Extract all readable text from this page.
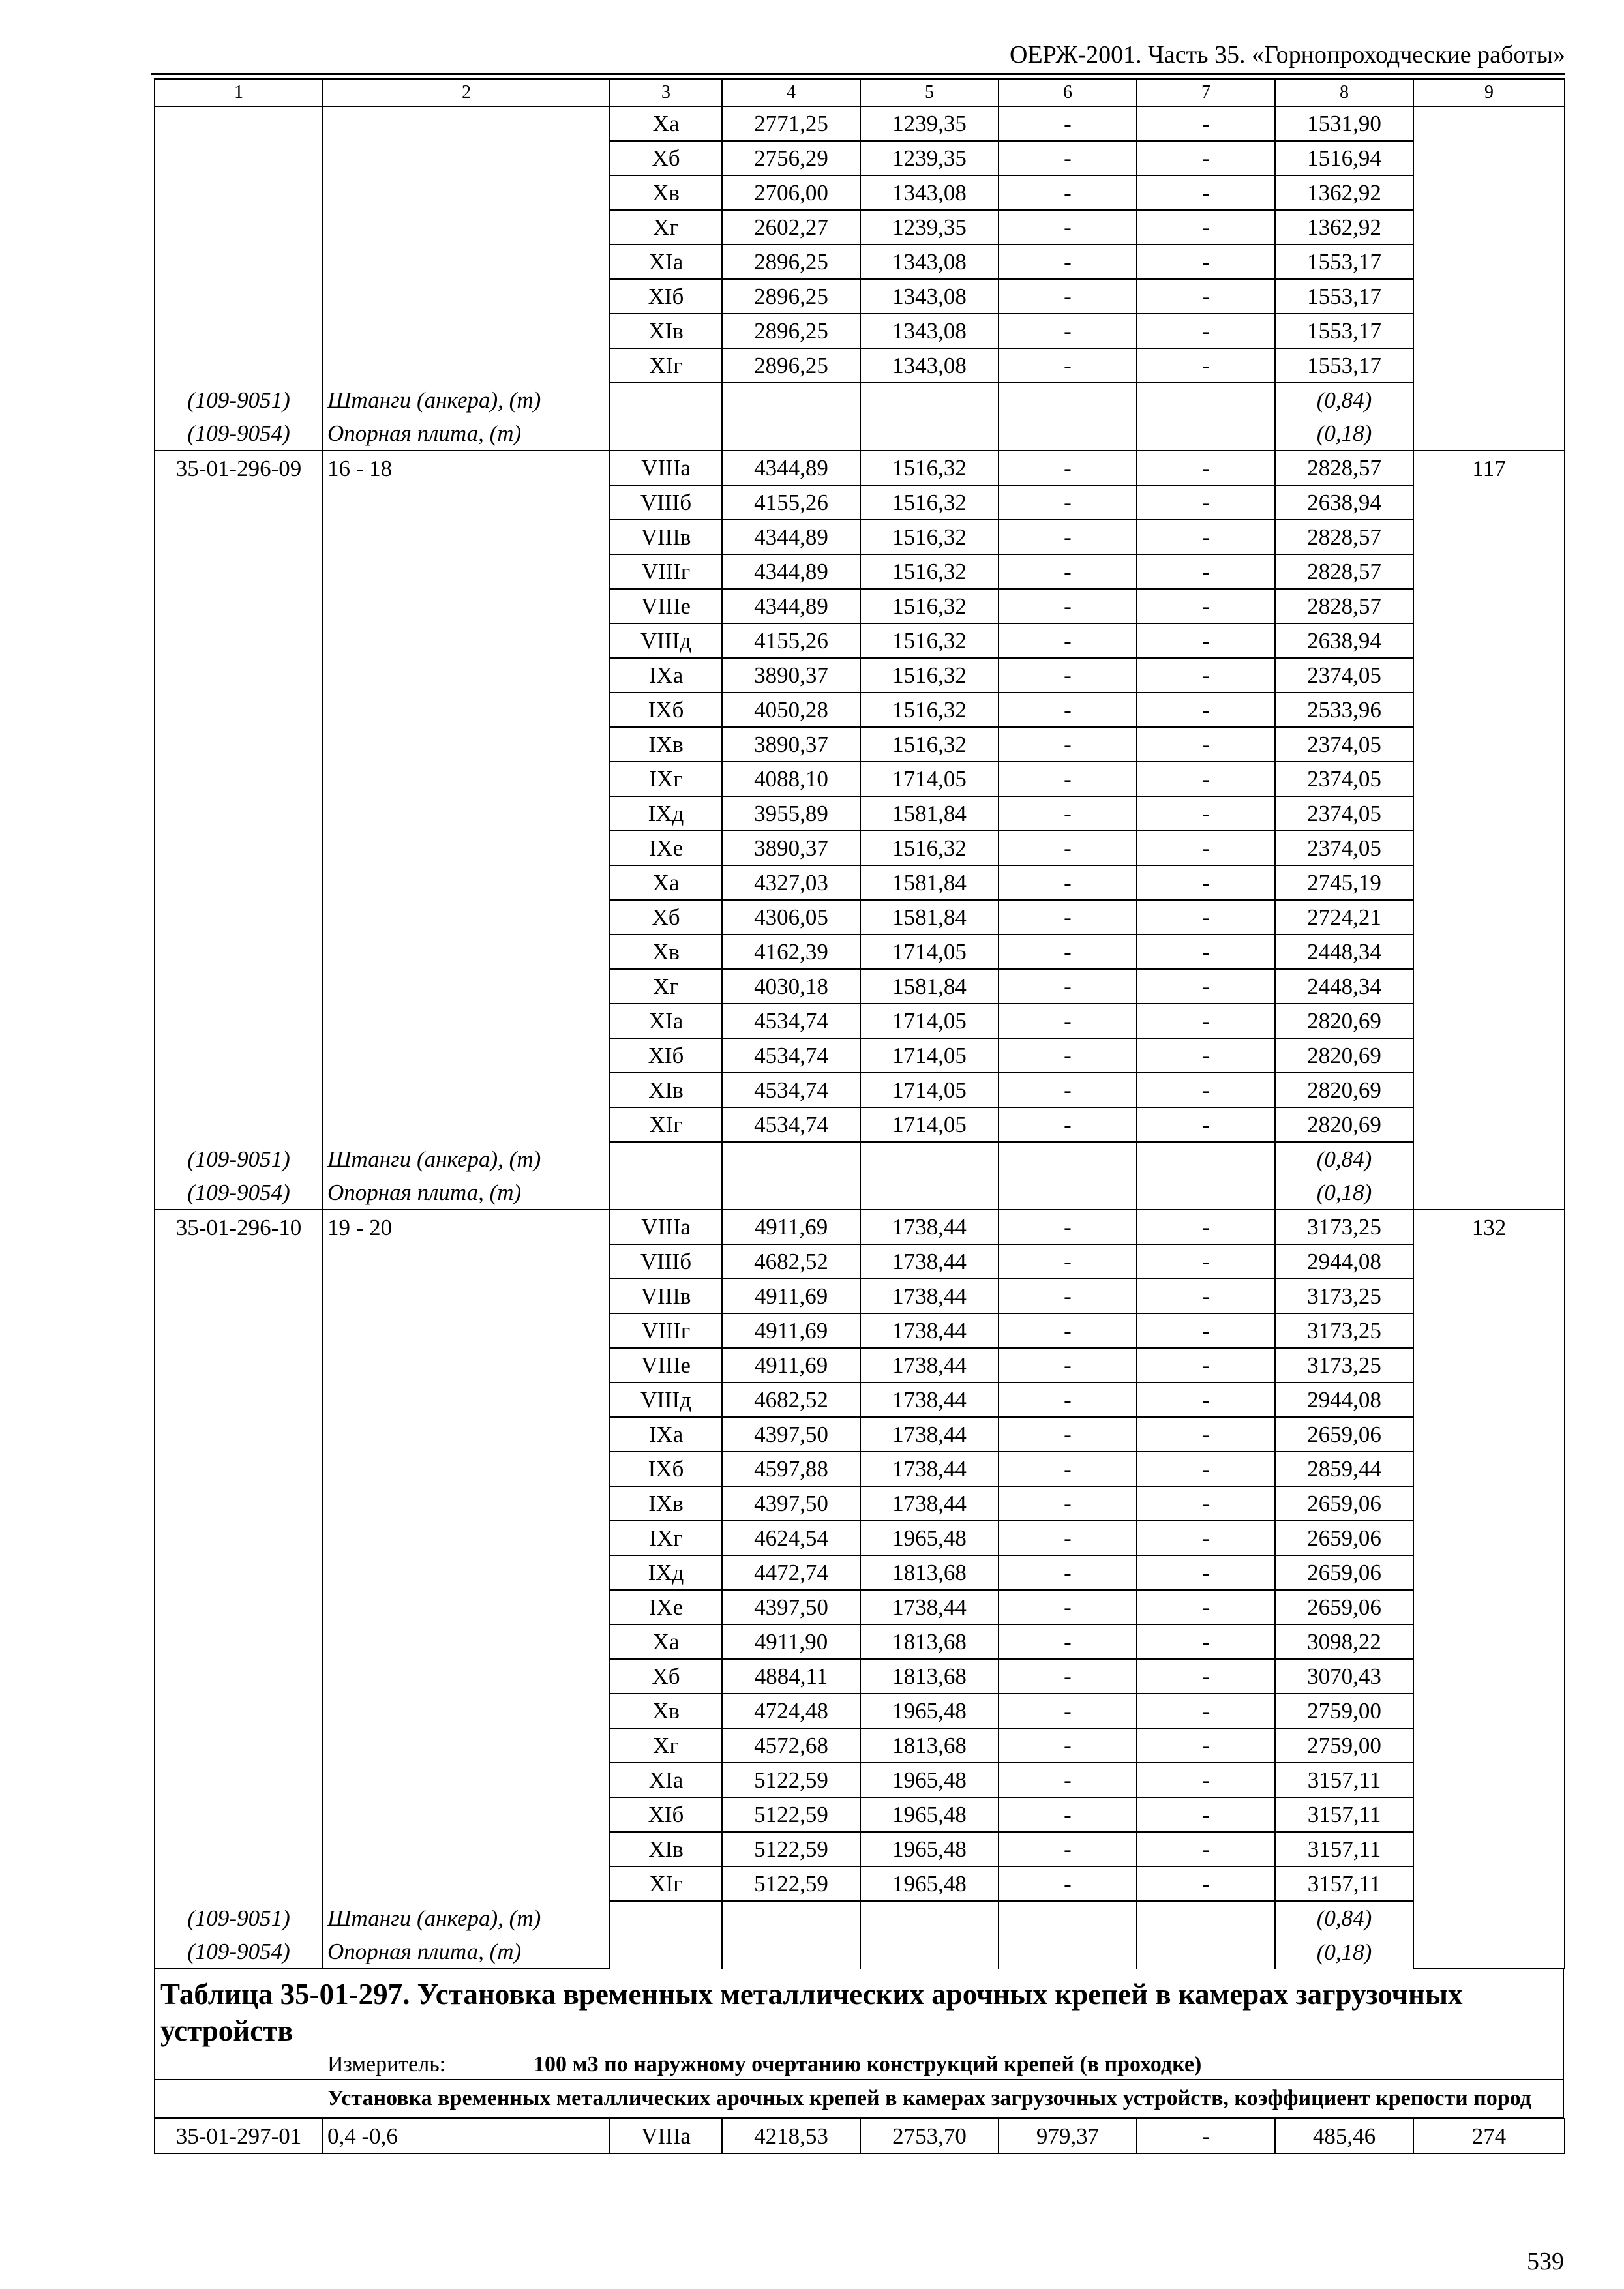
ОЕРЖ-2001. Часть 35. «Горнопроходческие работы»
1	2	3	4	5	6	7	8	9
		Ха	2771,25	1239,35	-	-	1531,90	
		Хб	2756,29	1239,35	-	-	1516,94	
		Хв	2706,00	1343,08	-	-	1362,92	
		Хг	2602,27	1239,35	-	-	1362,92	
		ХIа	2896,25	1343,08	-	-	1553,17	
		ХIб	2896,25	1343,08	-	-	1553,17	
		ХIв	2896,25	1343,08	-	-	1553,17	
		ХIг	2896,25	1343,08	-	-	1553,17	
(109-9051)	Штанги (анкера), (т)						(0,84)	
(109-9054)	Опорная плита, (т)						(0,18)	
35-01-296-09	16 - 18	VIIIа	4344,89	1516,32	-	-	2828,57	117
		VIIIб	4155,26	1516,32	-	-	2638,94	
		VIIIв	4344,89	1516,32	-	-	2828,57	
		VIIIг	4344,89	1516,32	-	-	2828,57	
		VIIIе	4344,89	1516,32	-	-	2828,57	
		VIIIд	4155,26	1516,32	-	-	2638,94	
		IХа	3890,37	1516,32	-	-	2374,05	
		IХб	4050,28	1516,32	-	-	2533,96	
		IХв	3890,37	1516,32	-	-	2374,05	
		IХг	4088,10	1714,05	-	-	2374,05	
		IХд	3955,89	1581,84	-	-	2374,05	
		IХе	3890,37	1516,32	-	-	2374,05	
		Ха	4327,03	1581,84	-	-	2745,19	
		Хб	4306,05	1581,84	-	-	2724,21	
		Хв	4162,39	1714,05	-	-	2448,34	
		Хг	4030,18	1581,84	-	-	2448,34	
		ХIа	4534,74	1714,05	-	-	2820,69	
		ХIб	4534,74	1714,05	-	-	2820,69	
		ХIв	4534,74	1714,05	-	-	2820,69	
		ХIг	4534,74	1714,05	-	-	2820,69	
(109-9051)	Штанги (анкера), (т)						(0,84)	
(109-9054)	Опорная плита, (т)						(0,18)	
35-01-296-10	19 - 20	VIIIа	4911,69	1738,44	-	-	3173,25	132
		VIIIб	4682,52	1738,44	-	-	2944,08	
		VIIIв	4911,69	1738,44	-	-	3173,25	
		VIIIг	4911,69	1738,44	-	-	3173,25	
		VIIIе	4911,69	1738,44	-	-	3173,25	
		VIIIд	4682,52	1738,44	-	-	2944,08	
		IХа	4397,50	1738,44	-	-	2659,06	
		IХб	4597,88	1738,44	-	-	2859,44	
		IХв	4397,50	1738,44	-	-	2659,06	
		IХг	4624,54	1965,48	-	-	2659,06	
		IХд	4472,74	1813,68	-	-	2659,06	
		IХе	4397,50	1738,44	-	-	2659,06	
		Ха	4911,90	1813,68	-	-	3098,22	
		Хб	4884,11	1813,68	-	-	3070,43	
		Хв	4724,48	1965,48	-	-	2759,00	
		Хг	4572,68	1813,68	-	-	2759,00	
		ХIа	5122,59	1965,48	-	-	3157,11	
		ХIб	5122,59	1965,48	-	-	3157,11	
		ХIв	5122,59	1965,48	-	-	3157,11	
		ХIг	5122,59	1965,48	-	-	3157,11	
(109-9051)	Штанги (анкера), (т)						(0,84)	
(109-9054)	Опорная плита, (т)						(0,18)	
Таблица 35-01-297. Установка временных металлических арочных крепей в камерах загрузочных устройств
Измеритель:	100 м3 по наружному очертанию конструкций крепей (в проходке)
Установка временных металлических арочных крепей в камерах загрузочных устройств, коэффициент крепости пород
35-01-297-01	0,4 -0,6	VIIIа	4218,53	2753,70	979,37	-	485,46	274
539
